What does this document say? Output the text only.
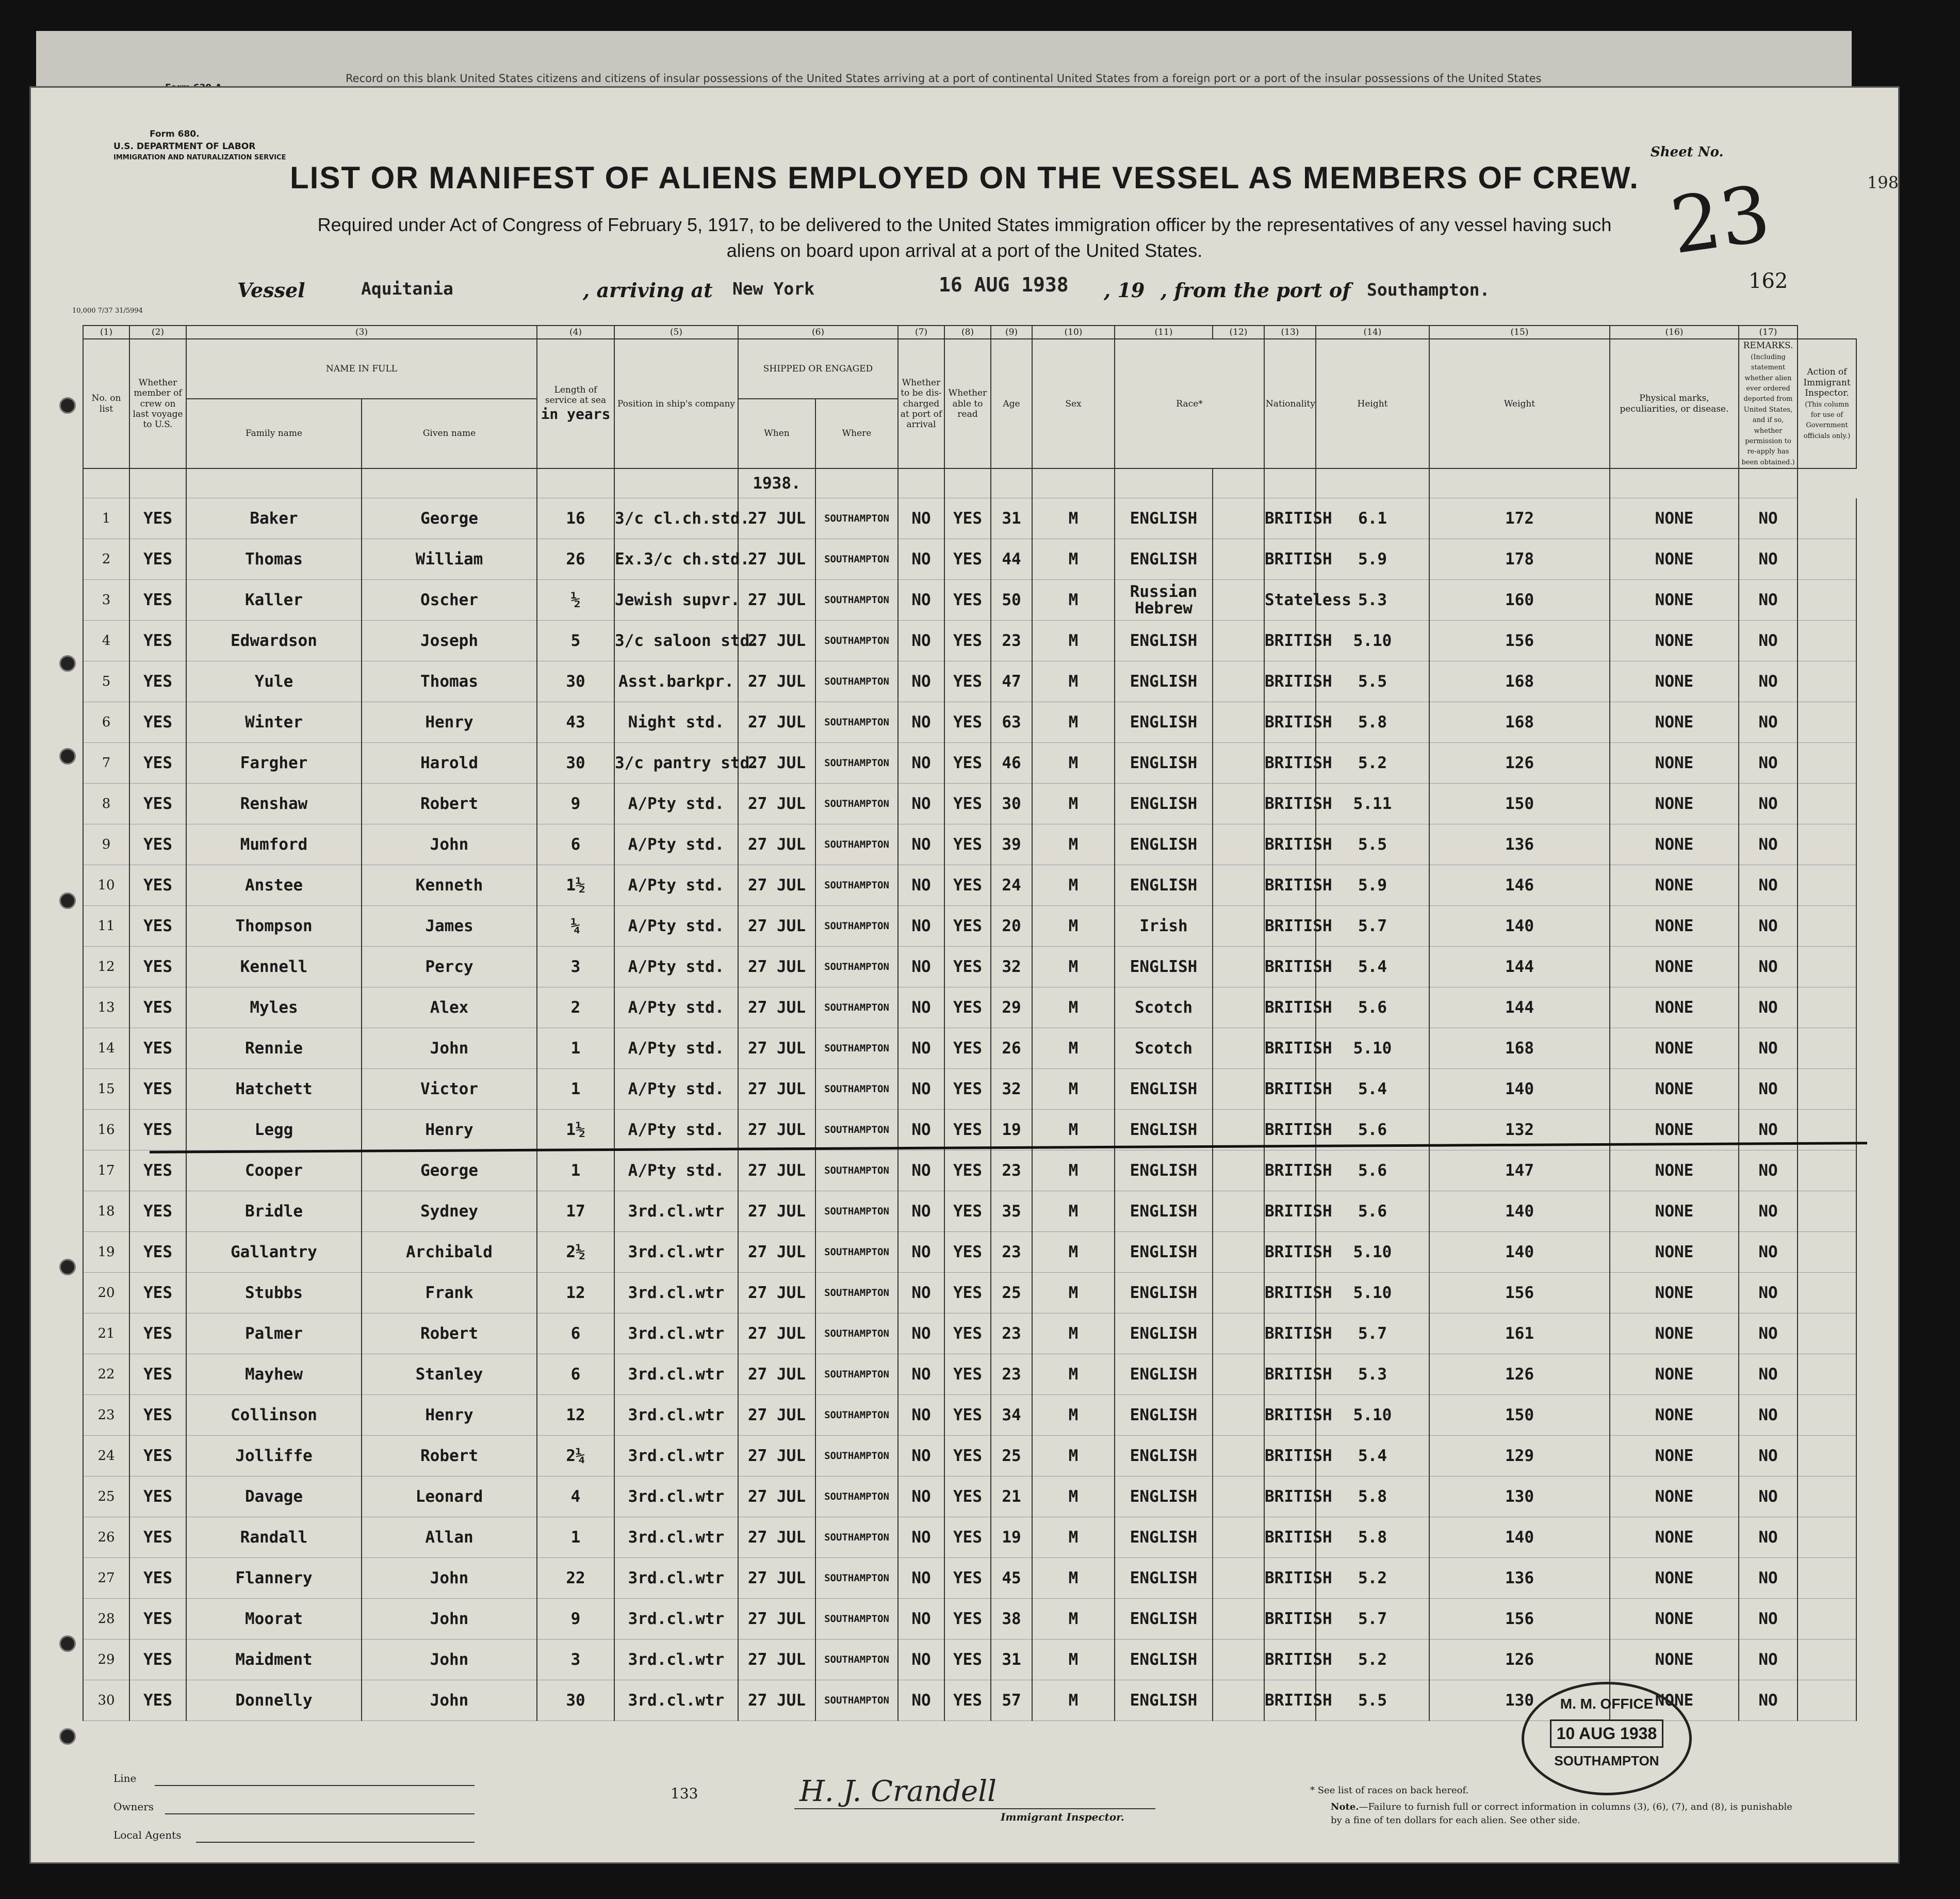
Record on this blank United States citizens and citizens of insular possessions of the United States arriving at a port of continental United States from a foreign port or a port of the insular possessions of the United States
Form 680.
U.S. DEPARTMENT OF LABOR
IMMIGRATION AND NATURALIZATION SERVICE	Sheet No.
23	198
LIST OR MANIFEST OF ALIENS EMPLOYED ON THE VESSEL AS MEMBERS OF CREW.
Required under Act of Congress of February 5, 1917, to be delivered to the United States immigration officer by the representatives of any vessel having such
aliens on board upon arrival at a port of the United States.
Vessel	Aquitania	, arriving at New York	16 AUG 1938 , 19 , from the port of Southampton.	162
10,000 7/37 31/5994
(1)	(2)	(3)		(4)	(5)	(6)		(7)	(8)	(9)	(10)	(11)	(12)	(13)	(14)	(15)	(16)	(17)	
No. on list	Whether member of crew on last voyage to U.S.	NAME IN FULL		Length of service at sea
in years	Position in ship's company	SHIPPED OR ENGAGED		Whether to be dis-charged at port of arrival	Whether able to read	Age	Sex	Race*		Nationality	Height	Weight	Physical marks, peculiarities, or disease.	REMARKS.
(Including statement whether alien ever ordered deported from United States, and if so, whether permission to re-apply has been obtained.)	Action of Immigrant Inspector.
(This column for use of Government officials only.)
		Family name	Given name			When	Where												
						1938.													
1	YES	Baker	George	16	3/c cl.ch.std.	27 JUL	SOUTHAMPTON	NO	YES	31	M	ENGLISH		BRITISH	6.1	172	NONE	NO	
2	YES	Thomas	William	26	Ex.3/c ch.std.	27 JUL	SOUTHAMPTON	NO	YES	44	M	ENGLISH		BRITISH	5.9	178	NONE	NO	
3	YES	Kaller	Oscher	½	Jewish supvr.	27 JUL	SOUTHAMPTON	NO	YES	50	M	Russian Hebrew		Stateless	5.3	160	NONE	NO	
4	YES	Edwardson	Joseph	5	3/c saloon std.	27 JUL	SOUTHAMPTON	NO	YES	23	M	ENGLISH		BRITISH	5.10	156	NONE	NO	
5	YES	Yule	Thomas	30	Asst.barkpr.	27 JUL	SOUTHAMPTON	NO	YES	47	M	ENGLISH		BRITISH	5.5	168	NONE	NO	
6	YES	Winter	Henry	43	Night std.	27 JUL	SOUTHAMPTON	NO	YES	63	M	ENGLISH		BRITISH	5.8	168	NONE	NO	
7	YES	Fargher	Harold	30	3/c pantry std.	27 JUL	SOUTHAMPTON	NO	YES	46	M	ENGLISH		BRITISH	5.2	126	NONE	NO	
8	YES	Renshaw	Robert	9	A/Pty std.	27 JUL	SOUTHAMPTON	NO	YES	30	M	ENGLISH		BRITISH	5.11	150	NONE	NO	
9	YES	Mumford	John	6	A/Pty std.	27 JUL	SOUTHAMPTON	NO	YES	39	M	ENGLISH		BRITISH	5.5	136	NONE	NO	
10	YES	Anstee	Kenneth	1½	A/Pty std.	27 JUL	SOUTHAMPTON	NO	YES	24	M	ENGLISH		BRITISH	5.9	146	NONE	NO	
11	YES	Thompson	James	¼	A/Pty std.	27 JUL	SOUTHAMPTON	NO	YES	20	M	Irish		BRITISH	5.7	140	NONE	NO	
12	YES	Kennell	Percy	3	A/Pty std.	27 JUL	SOUTHAMPTON	NO	YES	32	M	ENGLISH		BRITISH	5.4	144	NONE	NO	
13	YES	Myles	Alex	2	A/Pty std.	27 JUL	SOUTHAMPTON	NO	YES	29	M	Scotch		BRITISH	5.6	144	NONE	NO	
14	YES	Rennie	John	1	A/Pty std.	27 JUL	SOUTHAMPTON	NO	YES	26	M	Scotch		BRITISH	5.10	168	NONE	NO	
15	YES	Hatchett	Victor	1	A/Pty std.	27 JUL	SOUTHAMPTON	NO	YES	32	M	ENGLISH		BRITISH	5.4	140	NONE	NO	
16	YES	Legg	Henry	1½	A/Pty std.	27 JUL	SOUTHAMPTON	NO	YES	19	M	ENGLISH		BRITISH	5.6	132	NONE	NO	
17	YES	Cooper	George	1	A/Pty std.	27 JUL	SOUTHAMPTON	NO	YES	23	M	ENGLISH		BRITISH	5.6	147	NONE	NO	
18	YES	Bridle	Sydney	17	3rd.cl.wtr	27 JUL	SOUTHAMPTON	NO	YES	35	M	ENGLISH		BRITISH	5.6	140	NONE	NO	
19	YES	Gallantry	Archibald	2½	3rd.cl.wtr	27 JUL	SOUTHAMPTON	NO	YES	23	M	ENGLISH		BRITISH	5.10	140	NONE	NO	
20	YES	Stubbs	Frank	12	3rd.cl.wtr	27 JUL	SOUTHAMPTON	NO	YES	25	M	ENGLISH		BRITISH	5.10	156	NONE	NO	
21	YES	Palmer	Robert	6	3rd.cl.wtr	27 JUL	SOUTHAMPTON	NO	YES	23	M	ENGLISH		BRITISH	5.7	161	NONE	NO	
22	YES	Mayhew	Stanley	6	3rd.cl.wtr	27 JUL	SOUTHAMPTON	NO	YES	23	M	ENGLISH		BRITISH	5.3	126	NONE	NO	
23	YES	Collinson	Henry	12	3rd.cl.wtr	27 JUL	SOUTHAMPTON	NO	YES	34	M	ENGLISH		BRITISH	5.10	150	NONE	NO	
24	YES	Jolliffe	Robert	2¼	3rd.cl.wtr	27 JUL	SOUTHAMPTON	NO	YES	25	M	ENGLISH		BRITISH	5.4	129	NONE	NO	
25	YES	Davage	Leonard	4	3rd.cl.wtr	27 JUL	SOUTHAMPTON	NO	YES	21	M	ENGLISH		BRITISH	5.8	130	NONE	NO	
26	YES	Randall	Allan	1	3rd.cl.wtr	27 JUL	SOUTHAMPTON	NO	YES	19	M	ENGLISH		BRITISH	5.8	140	NONE	NO	
27	YES	Flannery	John	22	3rd.cl.wtr	27 JUL	SOUTHAMPTON	NO	YES	45	M	ENGLISH		BRITISH	5.2	136	NONE	NO	
28	YES	Moorat	John	9	3rd.cl.wtr	27 JUL	SOUTHAMPTON	NO	YES	38	M	ENGLISH		BRITISH	5.7	156	NONE	NO	
29	YES	Maidment	John	3	3rd.cl.wtr	27 JUL	SOUTHAMPTON	NO	YES	31	M	ENGLISH		BRITISH	5.2	126	NONE	NO	
30	YES	Donnelly	John	30	3rd.cl.wtr	27 JUL	SOUTHAMPTON	NO	YES	57	M	ENGLISH		BRITISH	5.5	130	NONE	NO	
Line
Owners
Local Agents
133	H. J. Crandell
Immigrant Inspector.
* See list of races on back hereof.
Note.—Failure to furnish full or correct information in columns (3), (6), (7), and (8), is punishable by a fine of ten dollars for each alien. See other side.
M. M. OFFICE
10 AUG 1938
SOUTHAMPTON
